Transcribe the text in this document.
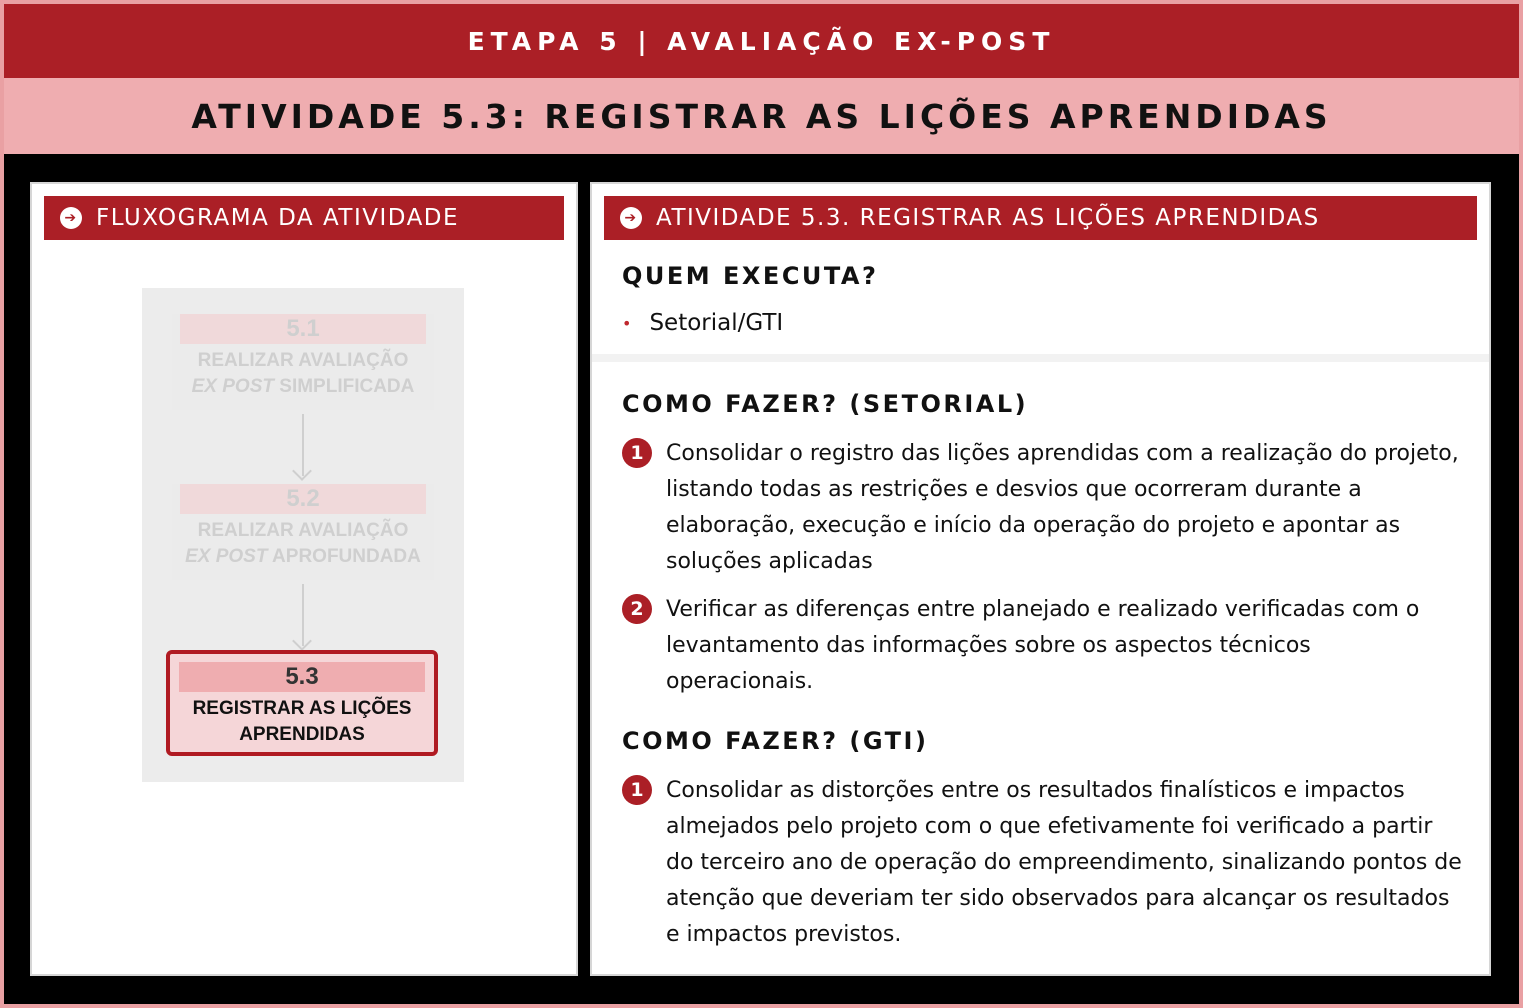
ETAPA 5 | AVALIAÇÃO EX-POST
ATIVIDADE 5.3: REGISTRAR AS LIÇÕES APRENDIDAS
➔ FLUXOGRAMA DA ATIVIDADE
5.1
REALIZAR AVALIAÇÃO
EX POST SIMPLIFICADA
5.2
REALIZAR AVALIAÇÃO
EX POST APROFUNDADA
5.3
REGISTRAR AS LIÇÕES
APRENDIDAS
➔ ATIVIDADE 5.3. REGISTRAR AS LIÇÕES APRENDIDAS
QUEM EXECUTA?
• Setorial/GTI
COMO FAZER? (SETORIAL)
1	Consolidar o registro das lições aprendidas com a realização do projeto, listando todas as restrições e desvios que ocorreram durante a elaboração, execução e início da operação do projeto e apontar as soluções aplicadas
2	Verificar as diferenças entre planejado e realizado verificadas com o levantamento das informações sobre os aspectos técnicos operacionais.
COMO FAZER? (GTI)
1	Consolidar as distorções entre os resultados finalísticos e impactos almejados pelo projeto com o que efetivamente foi verificado a partir do terceiro ano de operação do empreendimento, sinalizando pontos de atenção que deveriam ter sido observados para alcançar os resultados e impactos previstos.
